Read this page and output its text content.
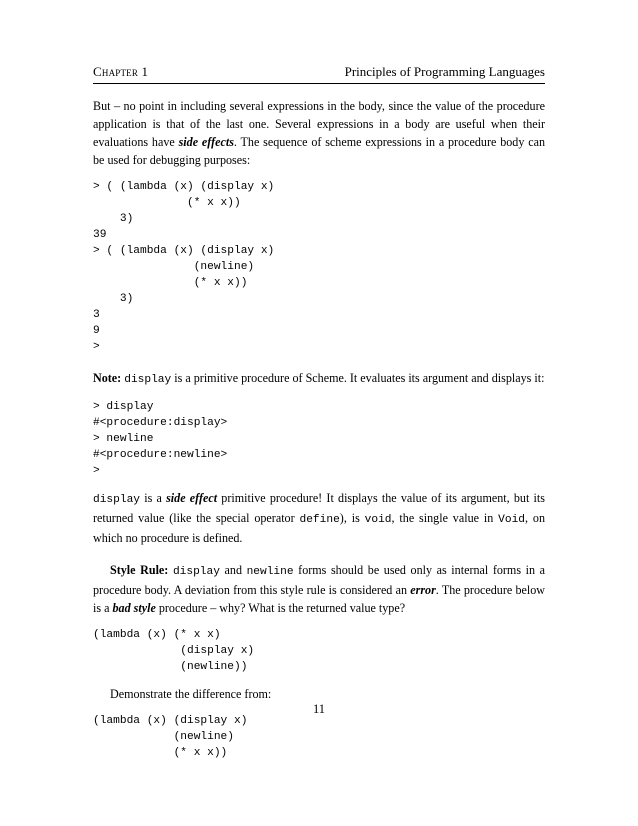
Chapter 1	Principles of Programming Languages

But – no point in including several expressions in the body, since the value of the procedure application is that of the last one. Several expressions in a body are useful when their evaluations have side effects. The sequence of scheme expressions in a procedure body can be used for debugging purposes:

> ( (lambda (x) (display x)
(* x x))
3)
39
> ( (lambda (x) (display x)
(newline)
(* x x))
3)
3
9
>

Note: display is a primitive procedure of Scheme. It evaluates its argument and displays it:

> display
#<procedure:display>
> newline
#<procedure:newline>
>

display is a side effect primitive procedure! It displays the value of its argument, but its returned value (like the special operator define), is void, the single value in Void, on which no procedure is defined.

Style Rule: display and newline forms should be used only as internal forms in a procedure body. A deviation from this style rule is considered an error. The procedure below is a bad style procedure – why? What is the returned value type?

(lambda (x) (* x x)
(display x)
(newline))

Demonstrate the difference from:

(lambda (x) (display x)
(newline)
(* x x))
11
